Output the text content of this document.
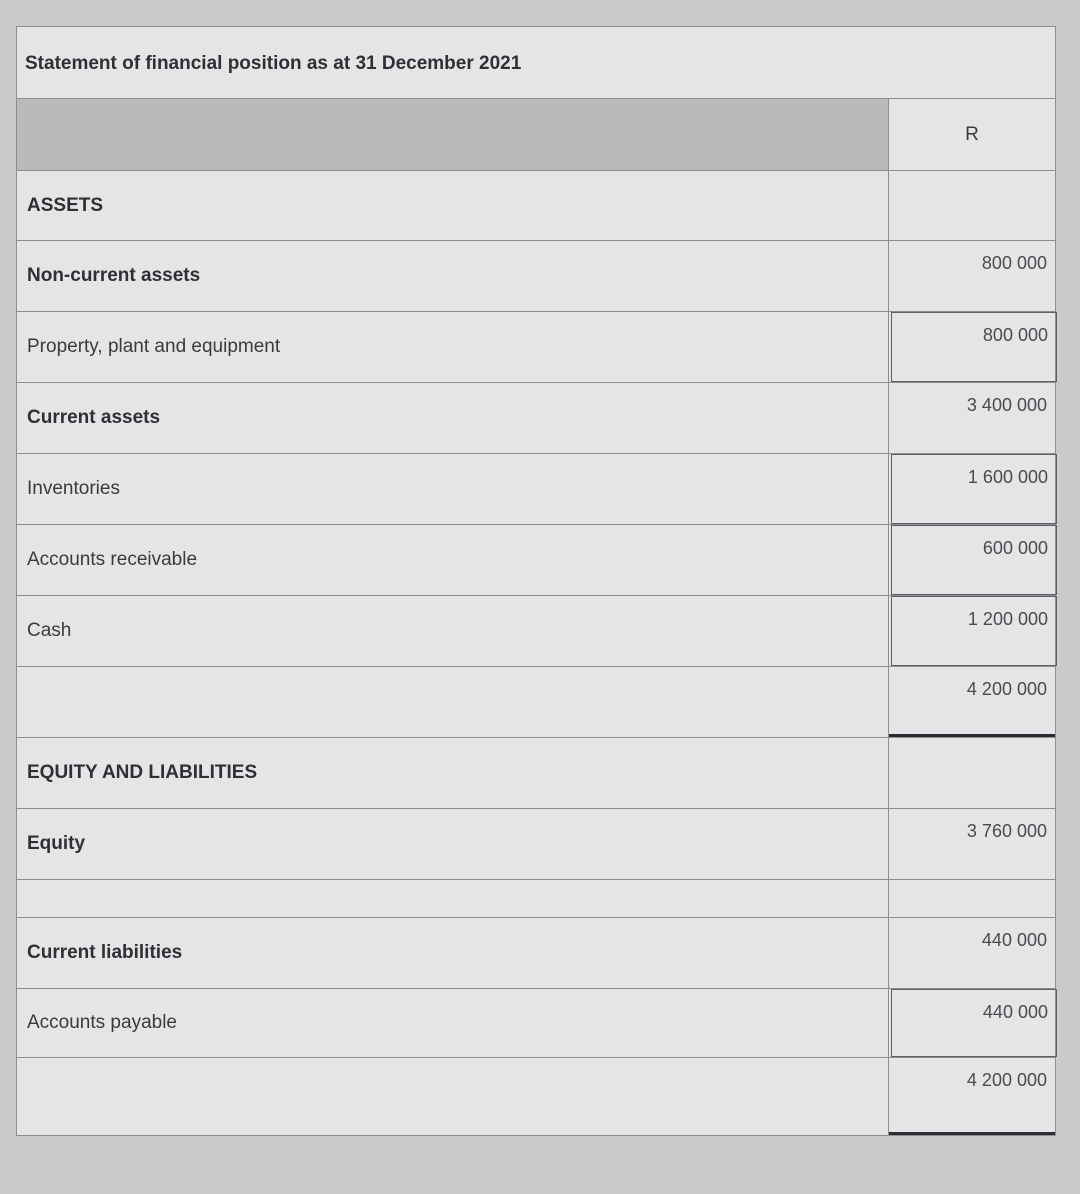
Statement of financial position as at 31 December 2021
R
ASSETS
Non-current assets
800 000
Property, plant and equipment
800 000
Current assets
3 400 000
Inventories
1 600 000
Accounts receivable
600 000
Cash
1 200 000
4 200 000
EQUITY AND LIABILITIES
Equity
3 760 000
Current liabilities
440 000
Accounts payable	440 000
4 200 000
